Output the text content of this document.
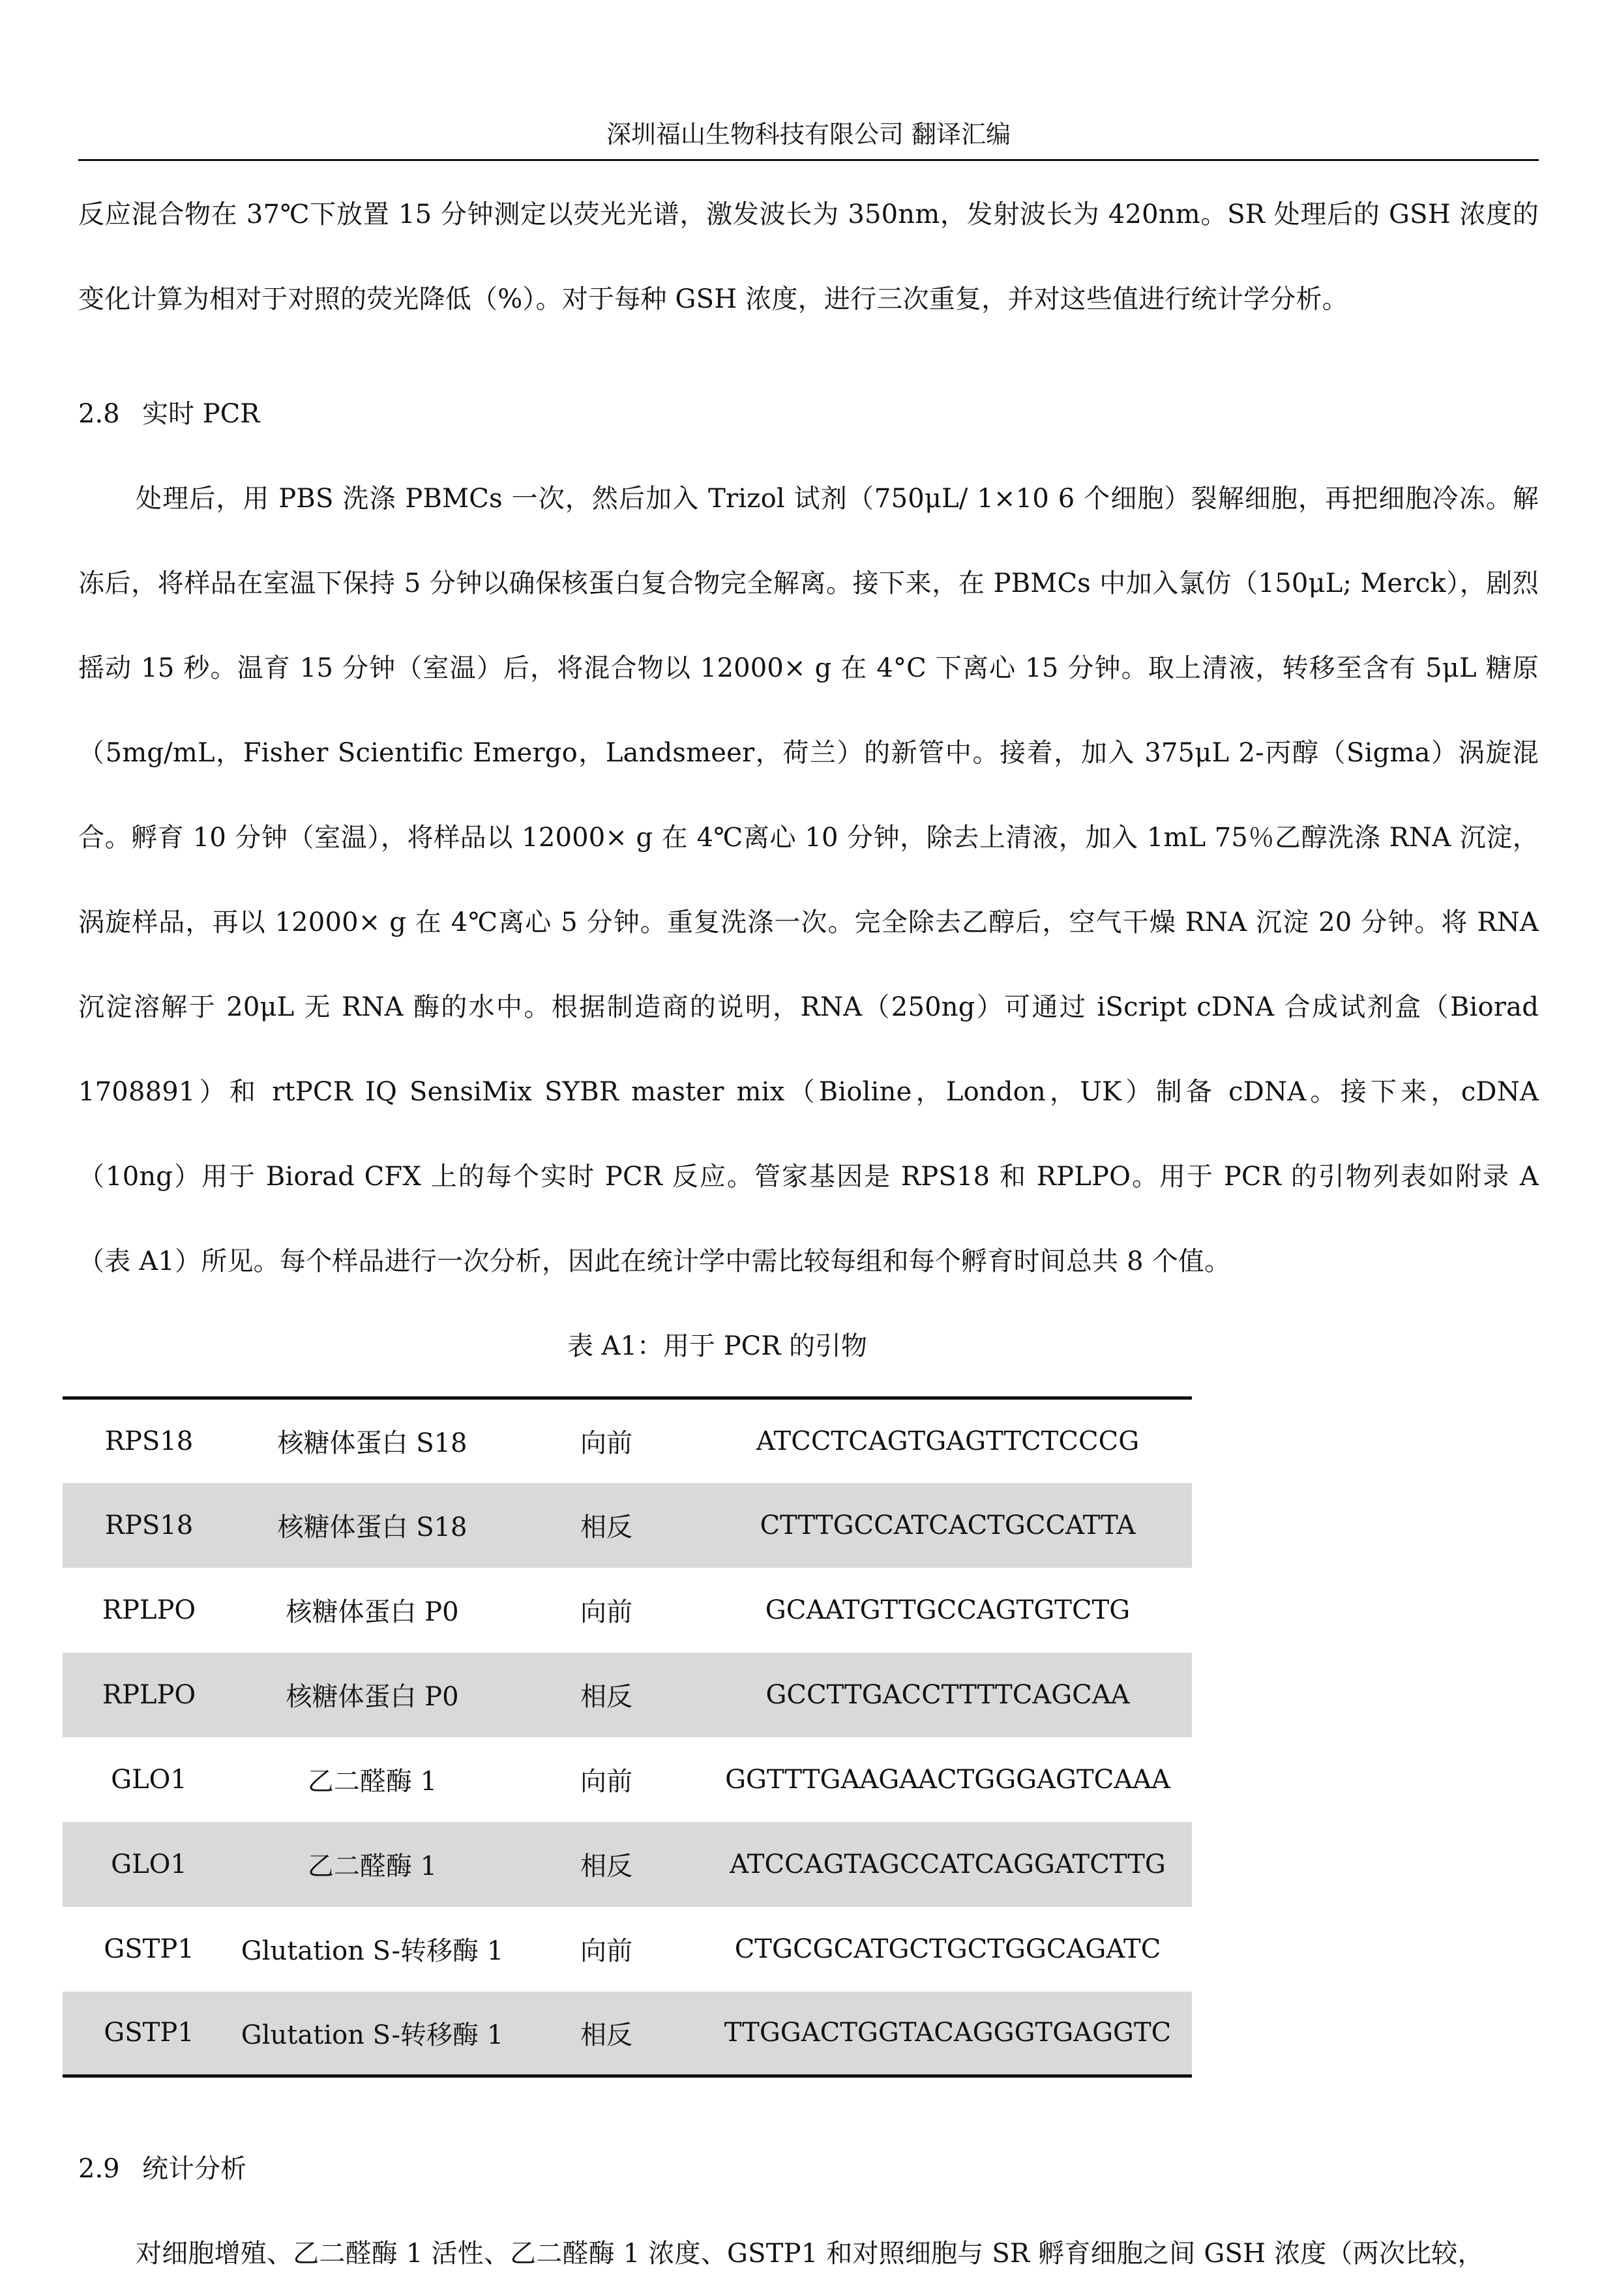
深圳福山生物科技有限公司 翻译汇编

反应混合物在 37℃下放置 15 分钟测定以荧光光谱，激发波长为 350nm，发射波长为 420nm。SR 处理后的 GSH 浓度的变化计算为相对于对照的荧光降低（%）。对于每种 GSH 浓度，进行三次重复，并对这些值进行统计学分析。

2.8 实时 PCR

处理后，用 PBS 洗涤 PBMCs 一次，然后加入 Trizol 试剂（750μL/ 1×10 6 个细胞）裂解细胞，再把细胞冷冻。解冻后，将样品在室温下保持 5 分钟以确保核蛋白复合物完全解离。接下来，在 PBMCs 中加入氯仿（150μL; Merck），剧烈摇动 15 秒。温育 15 分钟（室温）后，将混合物以 12000× g 在 4°C 下离心 15 分钟。取上清液，转移至含有 5μL 糖原（5mg/mL，Fisher Scientific Emergo，Landsmeer，荷兰）的新管中。接着，加入 375μL 2-丙醇（Sigma）涡旋混合。孵育 10 分钟（室温），将样品以 12000× g 在 4℃离心 10 分钟，除去上清液，加入 1mL 75％乙醇洗涤 RNA 沉淀，涡旋样品，再以 12000× g 在 4℃离心 5 分钟。重复洗涤一次。完全除去乙醇后，空气干燥 RNA 沉淀 20 分钟。将 RNA 沉淀溶解于 20μL 无 RNA 酶的水中。根据制造商的说明，RNA（250ng）可通过 iScript cDNA 合成试剂盒（Biorad 1708891）和 rtPCR IQ SensiMix SYBR master mix（Bioline，London，UK）制备 cDNA。接下来，cDNA（10ng）用于 Biorad CFX 上的每个实时 PCR 反应。管家基因是 RPS18 和 RPLPO。用于 PCR 的引物列表如附录 A（表 A1）所见。每个样品进行一次分析，因此在统计学中需比较每组和每个孵育时间总共 8 个值。

表 A1：用于 PCR 的引物

RPS18	核糖体蛋白 S18	向前	ATCCTCAGTGAGTTCTCCCG
RPS18	核糖体蛋白 S18	相反	CTTTGCCATCACTGCCATTA
RPLPO	核糖体蛋白 P0	向前	GCAATGTTGCCAGTGTCTG
RPLPO	核糖体蛋白 P0	相反	GCCTTGACCTTTTCAGCAA
GLO1	乙二醛酶 1	向前	GGTTTGAAGAACTGGGAGTCAAA
GLO1	乙二醛酶 1	相反	ATCCAGTAGCCATCAGGATCTTG
GSTP1	Glutation S-转移酶 1	向前	CTGCGCATGCTGCTGGCAGATC
GSTP1	Glutation S-转移酶 1	相反	TTGGACTGGTACAGGGTGAGGTC

2.9 统计分析

对细胞增殖、乙二醛酶 1 活性、乙二醛酶 1 浓度、GSTP1 和对照细胞与 SR 孵育细胞之间 GSH 浓度（两次比较，
